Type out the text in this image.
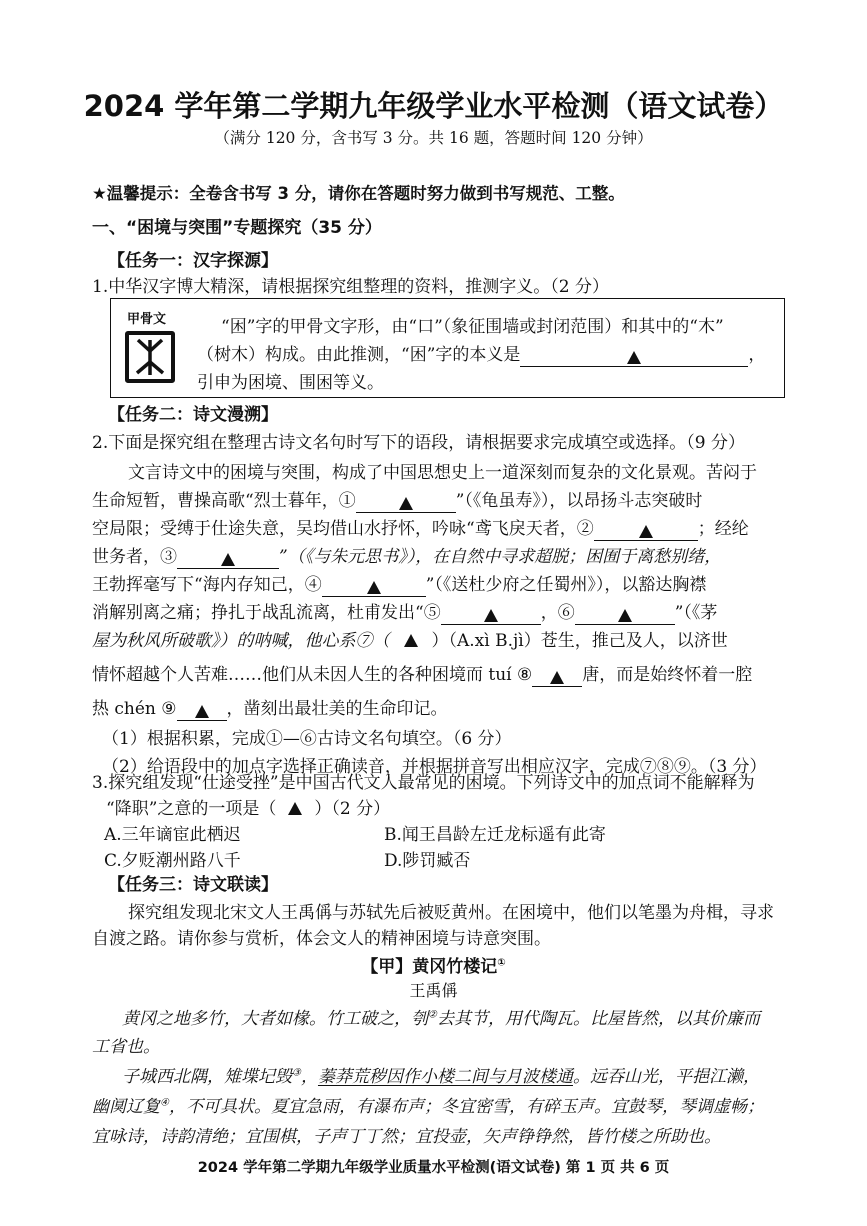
2024 学年第二学期九年级学业水平检测（语文试卷）
（满分 120 分，含书写 3 分。共 16 题，答题时间 120 分钟）
★温馨提示：全卷含书写 3 分，请你在答题时努力做到书写规范、工整。
一、“困境与突围”专题探究（35 分）
【任务一：汉字探源】
1.中华汉字博大精深，请根据探究组整理的资料，推测字义。（2 分）
甲骨文	“困”字的甲骨文字形，由“口”（象征围墙或封闭范围）和其中的“木”
（树木）构成。由此推测，“困”字的本义是	，
引申为困境、围困等义。
【任务二：诗文漫溯】
2.下面是探究组在整理古诗文名句时写下的语段，请根据要求完成填空或选择。（9 分）
文言诗文中的困境与突围，构成了中国思想史上一道深刻而复杂的文化景观。苦闷于
生命短暂，曹操高歌“烈士暮年，①	”（《龟虽寿》），以昂扬斗志突破时
空局限；受缚于仕途失意，吴均借山水抒怀，吟咏“鸢飞戾天者，②	；经纶
世务者，③	”（《与朱元思书》），在自然中寻求超脱；困囿于离愁别绪，
王勃挥毫写下“海内存知己，④	”（《送杜少府之任蜀州》），以豁达胸襟
消解别离之痛；挣扎于战乱流离，杜甫发出“⑤	，⑥	”（《茅
屋为秋风所破歌》）的呐喊，他心系⑦（ ）（A.xì B.jì）苍生，推己及人，以济世
情怀超越个人苦难……他们从未因人生的各种困境而 tuí ⑧	唐，而是始终怀着一腔
热 chén ⑨	，凿刻出最壮美的生命印记。
（1）根据积累，完成①—⑥古诗文名句填空。（6 分）
（2）给语段中的加点字选择正确读音，并根据拼音写出相应汉字，完成⑦⑧⑨。（3 分）
3.探究组发现“仕途受挫”是中国古代文人最常见的困境。下列诗文中的加点词不能解释为
“降职”之意的一项是（ ）（2 分）
A.三年谪宦此栖迟	B.闻王昌龄左迁龙标遥有此寄
C.夕贬潮州路八千	D.陟罚臧否
【任务三：诗文联读】
探究组发现北宋文人王禹偁与苏轼先后被贬黄州。在困境中，他们以笔墨为舟楫，寻求
自渡之路。请你参与赏析，体会文人的精神困境与诗意突围。
【甲】黄冈竹楼记①
王禹偁
黄冈之地多竹，大者如椽。竹工破之，刳②去其节，用代陶瓦。比屋皆然，以其价廉而
工省也。
子城西北隅，雉堞圮毁③，蓁莽荒秽因作小楼二间与月波楼通。远吞山光，平挹江濑，
幽阒辽夐④，不可具状。夏宜急雨，有瀑布声；冬宜密雪，有碎玉声。宜鼓琴，琴调虚畅；
宜咏诗，诗韵清绝；宜围棋，子声丁丁然；宜投壶，矢声铮铮然，皆竹楼之所助也。
2024 学年第二学期九年级学业质量水平检测(语文试卷) 第 1 页 共 6 页
